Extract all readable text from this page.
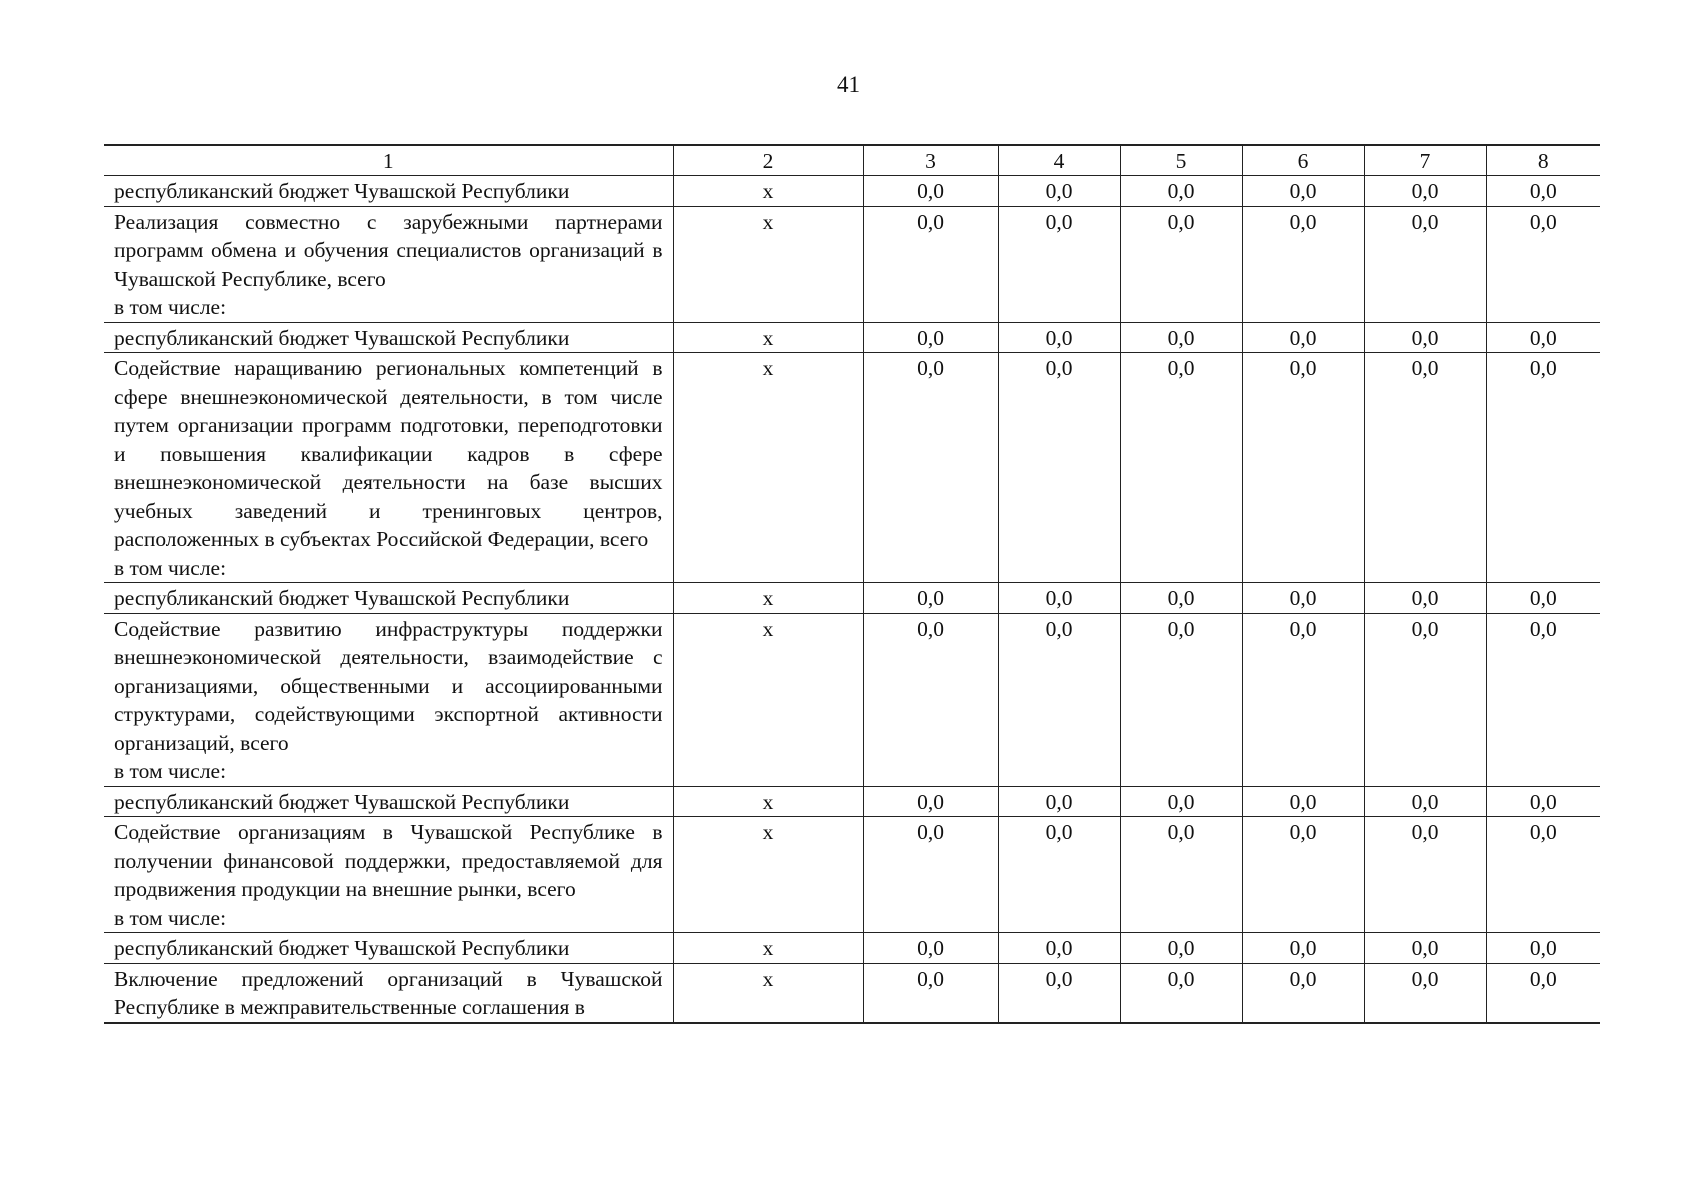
41
1	2	3	4	5	6	7	8

республиканский бюджет Чувашской Республики	х	0,0	0,0	0,0	0,0	0,0	0,0

Реализация совместно с зарубежными партнерами программ обмена и обучения специалистов организаций в Чувашской Республике, всего
в том числе:	х	0,0	0,0	0,0	0,0	0,0	0,0

республиканский бюджет Чувашской Республики	х	0,0	0,0	0,0	0,0	0,0	0,0

Содействие наращиванию региональных компетенций в сфере внешнеэкономической деятельности, в том числе путем организации программ подготовки, переподготовки и повышения квалификации кадров в сфере внешнеэкономической деятельности на базе высших учебных заведений и тренинговых центров, расположенных в субъектах Российской Федерации, всего
в том числе:	х	0,0	0,0	0,0	0,0	0,0	0,0

республиканский бюджет Чувашской Республики	х	0,0	0,0	0,0	0,0	0,0	0,0

Содействие развитию инфраструктуры поддержки внешнеэкономической деятельности, взаимодействие с организациями, общественными и ассоциированными структурами, содействующими экспортной активности организаций, всего
в том числе:	х	0,0	0,0	0,0	0,0	0,0	0,0

республиканский бюджет Чувашской Республики	х	0,0	0,0	0,0	0,0	0,0	0,0

Содействие организациям в Чувашской Республике в получении финансовой поддержки, предоставляемой для продвижения продукции на внешние рынки, всего
в том числе:	х	0,0	0,0	0,0	0,0	0,0	0,0

республиканский бюджет Чувашской Республики	х	0,0	0,0	0,0	0,0	0,0	0,0

Включение предложений организаций в Чувашской Республике в межправительственные соглашения в	х	0,0	0,0	0,0	0,0	0,0	0,0
